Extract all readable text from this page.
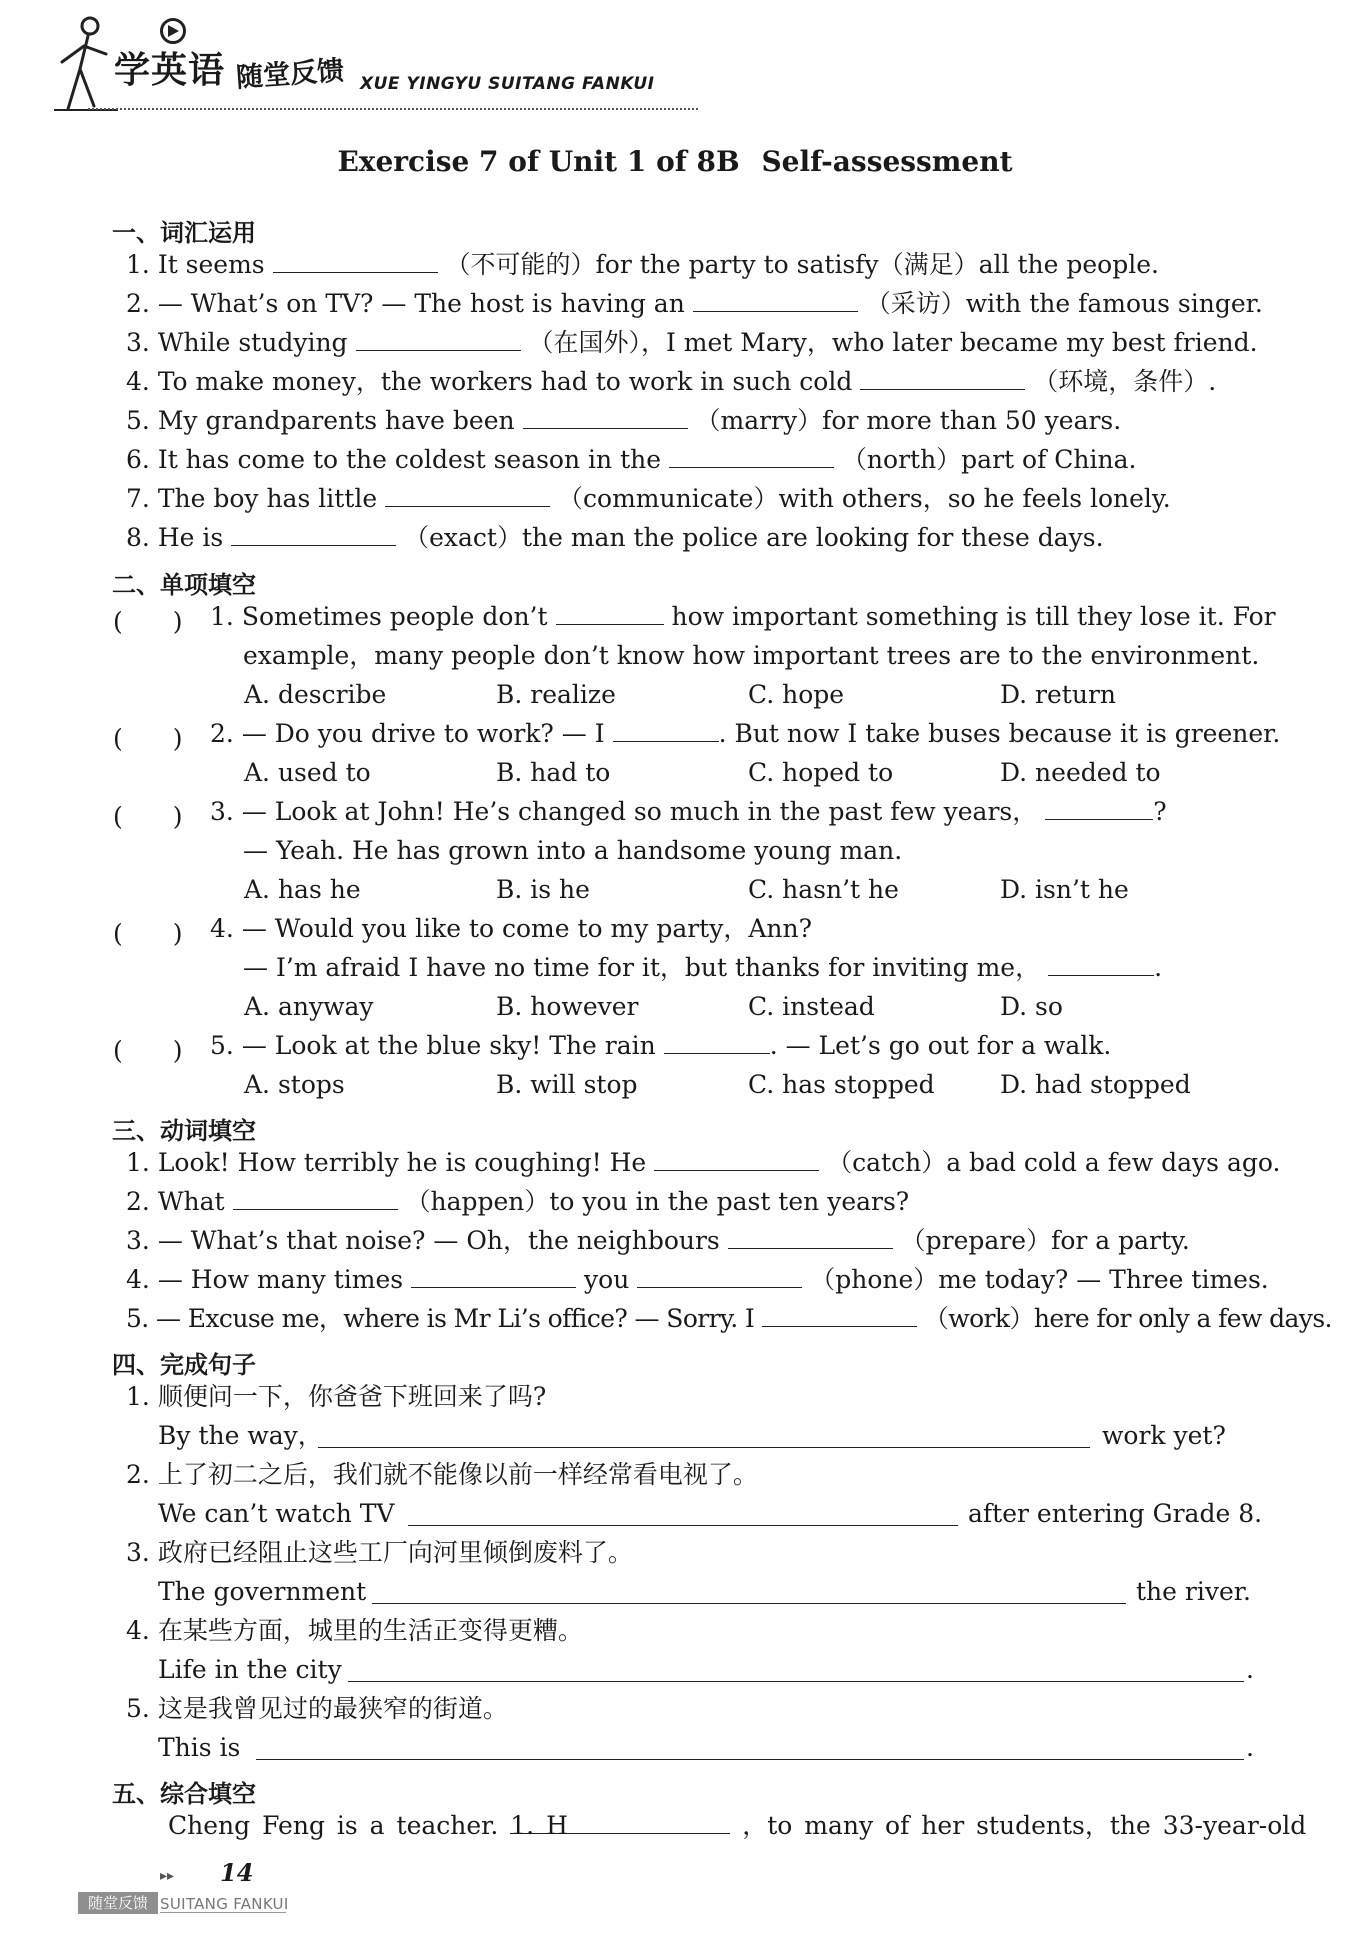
学英语 随堂反馈 XUE YINGYU SUITANG FANKUI
Exercise 7 of Unit 1 of 8B Self-assessment
一、词汇运用
1. It seems	（不可能的）for the party to satisfy（满足）all the people.
2. — What’s on TV? — The host is having an	（采访）with the famous singer.
3. While studying	（在国外），I met Mary，who later became my best friend.
4. To make money，the workers had to work in such cold	（环境，条件）.
5. My grandparents have been	（marry）for more than 50 years.
6. It has come to the coldest season in the	（north）part of China.
7. The boy has little	（communicate）with others，so he feels lonely.
8. He is	（exact）the man the police are looking for these days.
二、单项填空
(　　) 1. Sometimes people don’t	how important something is till they lose it. For
example，many people don’t know how important trees are to the environment.
A. describe	B. realize	C. hope	D. return
(　　) 2. — Do you drive to work? — I	. But now I take buses because it is greener.
A. used to	B. had to	C. hoped to	D. needed to
(　　) 3. — Look at John! He’s changed so much in the past few years，	?
— Yeah. He has grown into a handsome young man.
A. has he	B. is he	C. hasn’t he	D. isn’t he
(　　) 4. — Would you like to come to my party，Ann?
— I’m afraid I have no time for it，but thanks for inviting me，	.
A. anyway	B. however	C. instead	D. so
(　　) 5. — Look at the blue sky! The rain	. — Let’s go out for a walk.
A. stops	B. will stop	C. has stopped	D. had stopped
三、动词填空
1. Look! How terribly he is coughing! He	（catch）a bad cold a few days ago.
2. What	（happen）to you in the past ten years?
3. — What’s that noise? — Oh，the neighbours	（prepare）for a party.
4. — How many times	you	（phone）me today? — Three times.
5. — Excuse me，where is Mr Li’s office? — Sorry. I	（work）here for only a few days.
四、完成句子
1. 顺便问一下，你爸爸下班回来了吗?
By the way，	work yet?
2. 上了初二之后，我们就不能像以前一样经常看电视了。
We can’t watch TV	after entering Grade 8.
3. 政府已经阻止这些工厂向河里倾倒废料了。
The government	the river.
4. 在某些方面，城里的生活正变得更糟。
Life in the city	.
5. 这是我曾见过的最狭窄的街道。
This is	.
五、综合填空
Cheng Feng is a teacher. 1. H	，to many of her students，the 33-year-old
▸▸ 14
随堂反馈 SUITANG FANKUI
